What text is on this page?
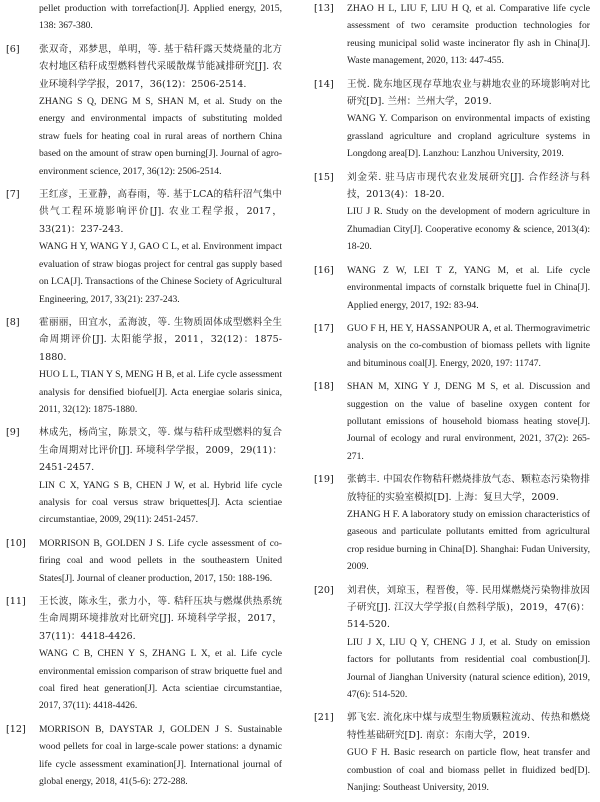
pellet production with torrefaction[J]. Applied energy, 2015, 138: 367-380.
[6]	张双奇，邓梦思，单明，等. 基于秸秆露天焚烧量的北方农村地区秸秆成型燃料替代采暖散煤节能减排研究[J]. 农业环境科学学报，2017，36(12)：2506-2514.
ZHANG S Q, DENG M S, SHAN M, et al. Study on the energy and environmental impacts of substituting molded straw fuels for heating coal in rural areas of northern China based on the amount of straw open burning[J]. Journal of agro-environment science, 2017, 36(12): 2506-2514.
[7]	王红彦，王亚静，高春雨，等. 基于LCA的秸秆沼气集中供气工程环境影响评价[J]. 农业工程学报，2017，33(21)：237-243.
WANG H Y, WANG Y J, GAO C L, et al. Environment impact evaluation of straw biogas project for central gas supply based on LCA[J]. Transactions of the Chinese Society of Agricultural Engineering, 2017, 33(21): 237-243.
[8]	霍丽丽，田宜水，孟海波，等. 生物质固体成型燃料全生命周期评价[J]. 太阳能学报，2011，32(12)：1875-1880.
HUO L L, TIAN Y S, MENG H B, et al. Life cycle assessment analysis for densified biofuel[J]. Acta energiae solaris sinica, 2011, 32(12): 1875-1880.
[9]	林成先，杨尚宝，陈景文，等. 煤与秸秆成型燃料的复合生命周期对比评价[J]. 环境科学学报，2009，29(11)：2451-2457.
LIN C X, YANG S B, CHEN J W, et al. Hybrid life cycle analysis for coal versus straw briquettes[J]. Acta scientiae circumstantiae, 2009, 29(11): 2451-2457.
[10]	MORRISON B, GOLDEN J S. Life cycle assessment of co-firing coal and wood pellets in the southeastern United States[J]. Journal of cleaner production, 2017, 150: 188-196.
[11]	王长波，陈永生，张力小，等. 秸秆压块与燃煤供热系统生命周期环境排放对比研究[J]. 环境科学学报，2017，37(11)：4418-4426.
WANG C B, CHEN Y S, ZHANG L X, et al. Life cycle environmental emission comparison of straw briquette fuel and coal fired heat generation[J]. Acta scientiae circumstantiae, 2017, 37(11): 4418-4426.
[12]	MORRISON B, DAYSTAR J, GOLDEN J S. Sustainable wood pellets for coal in large-scale power stations: a dynamic life cycle assessment examination[J]. International journal of global energy, 2018, 41(5-6): 272-288.
[13]	ZHAO H L, LIU F, LIU H Q, et al. Comparative life cycle assessment of two ceramsite production technologies for reusing municipal solid waste incinerator fly ash in China[J]. Waste management, 2020, 113: 447-455.
[14]	王悦. 陇东地区现存草地农业与耕地农业的环境影响对比研究[D]. 兰州：兰州大学，2019.
WANG Y. Comparison on environmental impacts of existing grassland agriculture and cropland agriculture systems in Longdong area[D]. Lanzhou: Lanzhou University, 2019.
[15]	刘金荣. 驻马店市现代农业发展研究[J]. 合作经济与科技，2013(4)：18-20.
LIU J R. Study on the development of modern agriculture in Zhumadian City[J]. Cooperative economy & science, 2013(4): 18-20.
[16]	WANG Z W, LEI T Z, YANG M, et al. Life cycle environmental impacts of cornstalk briquette fuel in China[J]. Applied energy, 2017, 192: 83-94.
[17]	GUO F H, HE Y, HASSANPOUR A, et al. Thermogravimetric analysis on the co-combustion of biomass pellets with lignite and bituminous coal[J]. Energy, 2020, 197: 11747.
[18]	SHAN M, XING Y J, DENG M S, et al. Discussion and suggestion on the value of baseline oxygen content for pollutant emissions of household biomass heating stove[J]. Journal of ecology and rural environment, 2021, 37(2): 265-271.
[19]	张鹤丰. 中国农作物秸秆燃烧排放气态、颗粒态污染物排放特征的实验室模拟[D]. 上海：复旦大学，2009.
ZHANG H F. A laboratory study on emission characteristics of gaseous and particulate pollutants emitted from agricultural crop residue burning in China[D]. Shanghai: Fudan University, 2009.
[20]	刘君侠，刘琼玉，程晋俊，等. 民用煤燃烧污染物排放因子研究[J]. 江汉大学学报(自然科学版)，2019，47(6)：514-520.
LIU J X, LIU Q Y, CHENG J J, et al. Study on emission factors for pollutants from residential coal combustion[J]. Journal of Jianghan University (natural science edition), 2019, 47(6): 514-520.
[21]	郭飞宏. 流化床中煤与成型生物质颗粒流动、传热和燃烧特性基础研究[D]. 南京：东南大学，2019.
GUO F H. Basic research on particle flow, heat transfer and combustion of coal and biomass pellet in fluidized bed[D]. Nanjing: Southeast University, 2019.
